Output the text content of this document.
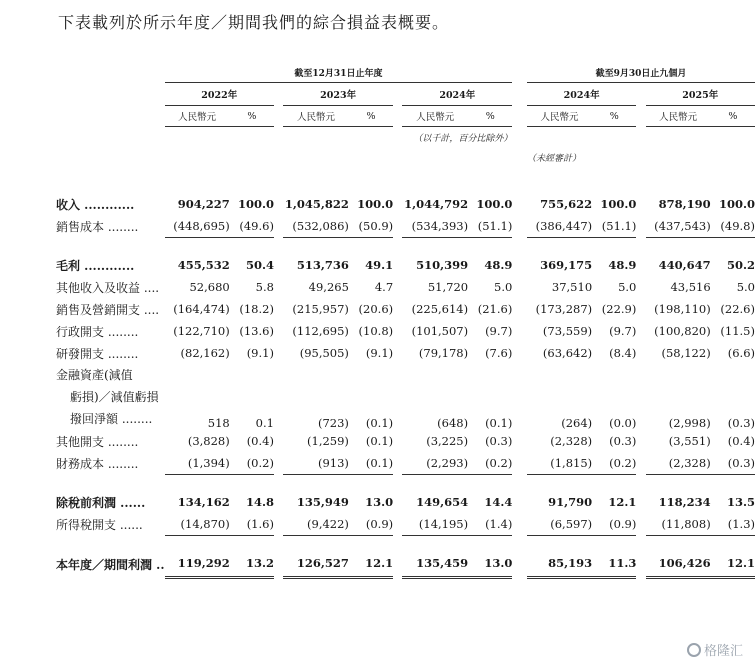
下表載列於所示年度／期間我們的綜合損益表概要。
	截至12月31日止年度									截至9月30日止九個月				
	2022年			2023年			2024年			2024年			2025年	
	人民幣元	%		人民幣元	%		人民幣元	%		人民幣元	%		人民幣元	%
							（以千計，百分比除外）							
										（未經審計）				

收入 ............	904,227	100.0		1,045,822	100.0		1,044,792	100.0		755,622	100.0		878,190	100.0
銷售成本 ........	(448,695)	(49.6)		(532,086)	(50.9)		(534,393)	(51.1)		(386,447)	(51.1)		(437,543)	(49.8)

毛利 ............	455,532	50.4		513,736	49.1		510,399	48.9		369,175	48.9		440,647	50.2
其他收入及收益 ....	52,680	5.8		49,265	4.7		51,720	5.0		37,510	5.0		43,516	5.0
銷售及營銷開支 ....	(164,474)	(18.2)		(215,957)	(20.6)		(225,614)	(21.6)		(173,287)	(22.9)		(198,110)	(22.6)
行政開支 ........	(122,710)	(13.6)		(112,695)	(10.8)		(101,507)	(9.7)		(73,559)	(9.7)		(100,820)	(11.5)
研發開支 ........	(82,162)	(9.1)		(95,505)	(9.1)		(79,178)	(7.6)		(63,642)	(8.4)		(58,122)	(6.6)

金融資產(減值
虧損)／減值虧損
撥回淨額 ........	518	0.1		(723)	(0.1)		(648)	(0.1)		(264)	(0.0)		(2,998)	(0.3)
其他開支 ........	(3,828)	(0.4)		(1,259)	(0.1)		(3,225)	(0.3)		(2,328)	(0.3)		(3,551)	(0.4)
財務成本 ........	(1,394)	(0.2)		(913)	(0.1)		(2,293)	(0.2)		(1,815)	(0.2)		(2,328)	(0.3)

除稅前利潤 ......	134,162	14.8		135,949	13.0		149,654	14.4		91,790	12.1		118,234	13.5
所得稅開支 ......	(14,870)	(1.6)		(9,422)	(0.9)		(14,195)	(1.4)		(6,597)	(0.9)		(11,808)	(1.3)

本年度／期間利潤 ..	119,292	13.2		126,527	12.1		135,459	13.0		85,193	11.3		106,426	12.1
格隆汇
